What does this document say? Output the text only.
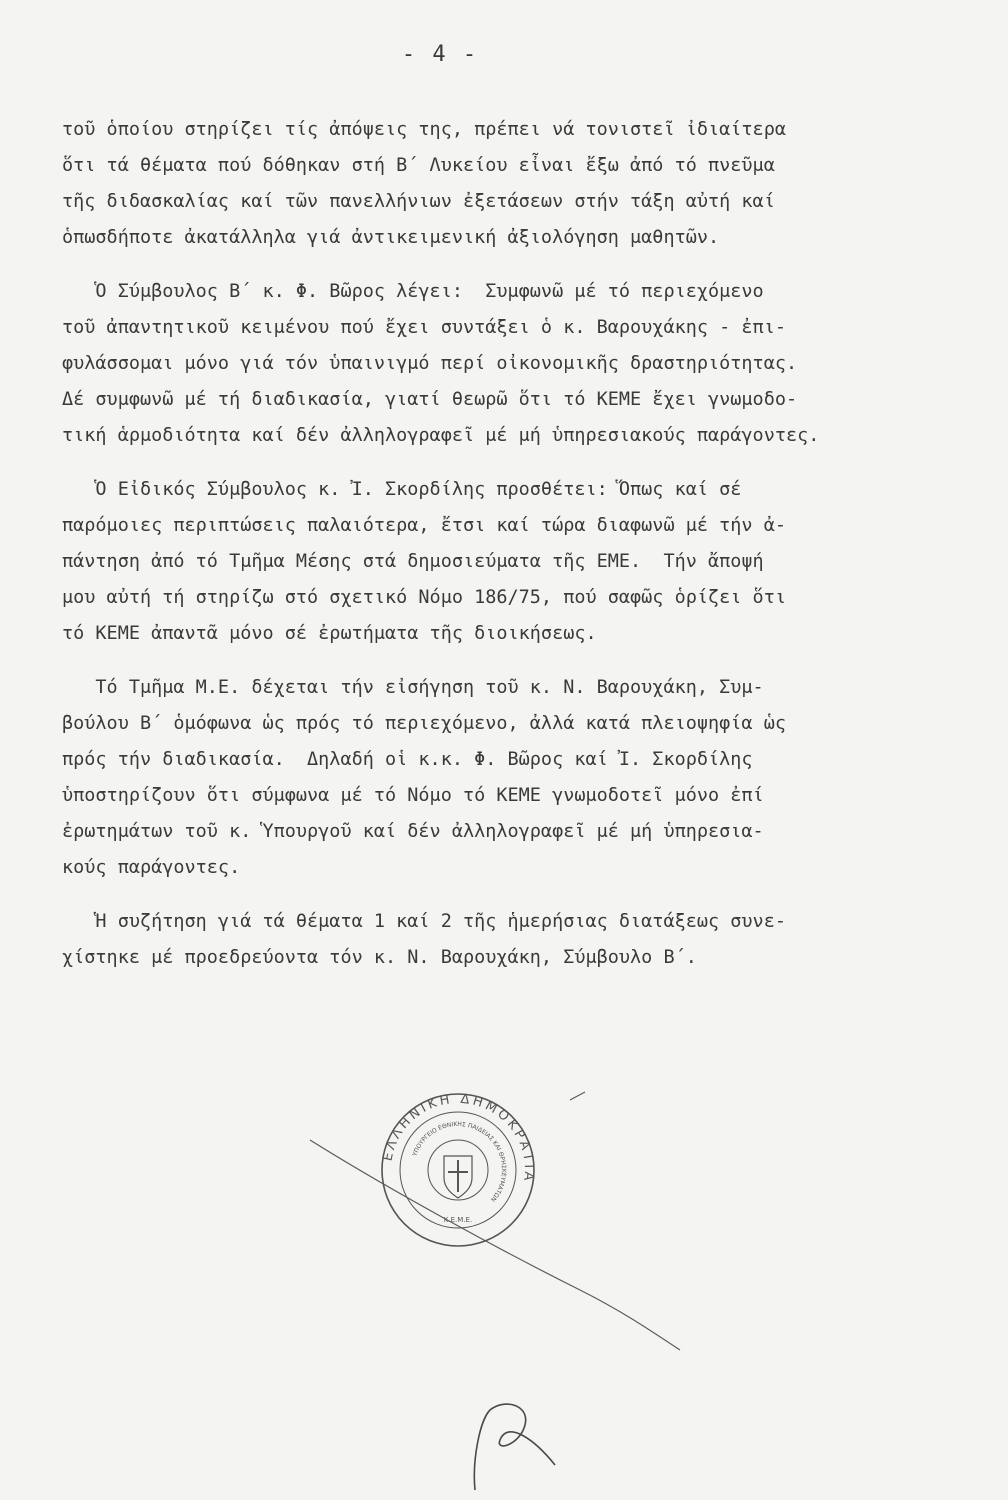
- 4 -
τοῦ ὁποίου στηρίζει τίς ἀπόψεις της, πρέπει νά τονιστεῖ ἰδιαίτερα
ὅτι τά θέματα πού δόθηκαν στή Β΄ Λυκείου εἶναι ἔξω ἀπό τό πνεῦμα
τῆς διδασκαλίας καί τῶν πανελλήνιων ἐξετάσεων στήν τάξη αὐτή καί
ὁπωσδήποτε ἀκατάλληλα γιά ἀντικειμενική ἀξιολόγηση μαθητῶν.
Ὁ Σύμβουλος Β΄ κ. Φ. Βῶρος λέγει:  Συμφωνῶ μέ τό περιεχόμενο
τοῦ ἀπαντητικοῦ κειμένου πού ἔχει συντάξει ὁ κ. Βαρουχάκης - ἐπι-
φυλάσσομαι μόνο γιά τόν ὑπαινιγμό περί οἰκονομικῆς δραστηριότητας.
Δέ συμφωνῶ μέ τή διαδικασία, γιατί θεωρῶ ὅτι τό ΚΕΜΕ ἔχει γνωμοδο-
τική ἁρμοδιότητα καί δέν ἀλληλογραφεῖ μέ μή ὑπηρεσιακούς παράγοντες.
Ὁ Εἰδικός Σύμβουλος κ. Ἰ. Σκορδίλης προσθέτει: Ὅπως καί σέ
παρόμοιες περιπτώσεις παλαιότερα, ἔτσι καί τώρα διαφωνῶ μέ τήν ἀ-
πάντηση ἀπό τό Τμῆμα Μέσης στά δημοσιεύματα τῆς ΕΜΕ.  Τήν ἄποψή
μου αὐτή τή στηρίζω στό σχετικό Νόμο 186/75, πού σαφῶς ὁρίζει ὅτι
τό ΚΕΜΕ ἀπαντᾶ μόνο σέ ἐρωτήματα τῆς διοικήσεως.
Τό Τμῆμα Μ.Ε. δέχεται τήν εἰσήγηση τοῦ κ. Ν. Βαρουχάκη, Συμ-
βούλου Β΄ ὁμόφωνα ὡς πρός τό περιεχόμενο, ἀλλά κατά πλειοψηφία ὡς
πρός τήν διαδικασία.  Δηλαδή οἱ κ.κ. Φ. Βῶρος καί Ἰ. Σκορδίλης
ὑποστηρίζουν ὅτι σύμφωνα μέ τό Νόμο τό ΚΕΜΕ γνωμοδοτεῖ μόνο ἐπί
ἐρωτημάτων τοῦ κ. Ὑπουργοῦ καί δέν ἀλληλογραφεῖ μέ μή ὑπηρεσια-
κούς παράγοντες.
Ἡ συζήτηση γιά τά θέματα 1 καί 2 τῆς ἡμερήσιας διατάξεως συνε-
χίστηκε μέ προεδρεύοντα τόν κ. Ν. Βαρουχάκη, Σύμβουλο Β΄.
ΕΛΛΗΝΙΚΗ ΔΗΜΟΚΡΑΤΙΑ
ΥΠΟΥΡΓΕΙΟ ΕΘΝΙΚΗΣ ΠΑΙΔΕΙΑΣ ΚΑΙ ΘΡΗΣΚΕΥΜΑΤΩΝ
Κ.Ε.Μ.Ε.
